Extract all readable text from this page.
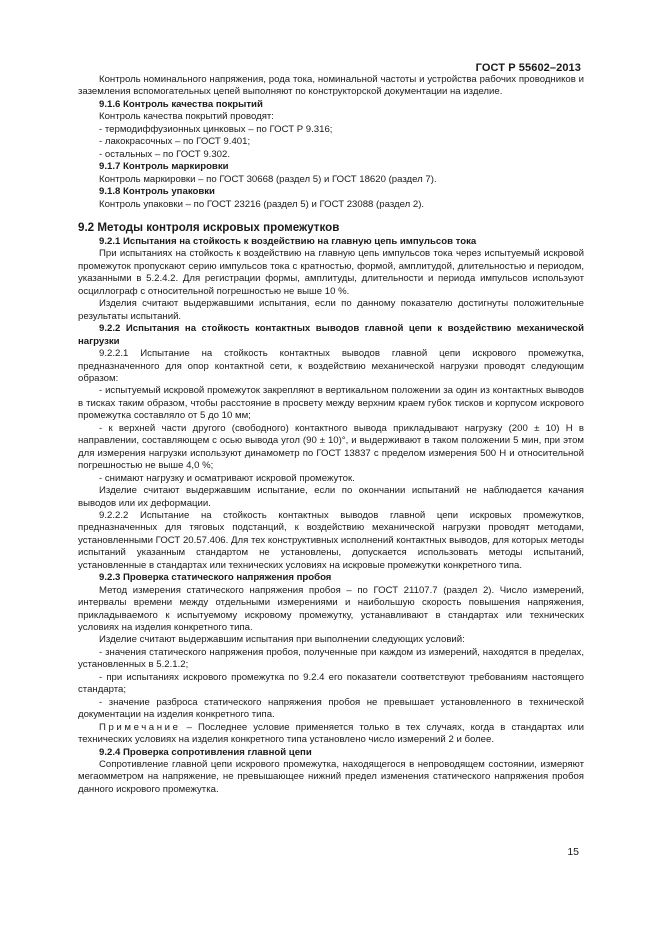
ГОСТ Р 55602–2013

Контроль номинального напряжения, рода тока, номинальной частоты и устройства рабочих проводников и заземления вспомогательных цепей выполняют по конструкторской документации на изделие.

9.1.6 Контроль качества покрытий

Контроль качества покрытий проводят:

- термодиффузионных цинковых – по ГОСТ Р 9.316;

- лакокрасочных – по ГОСТ 9.401;

- остальных – по ГОСТ 9.302.

9.1.7 Контроль маркировки

Контроль маркировки – по ГОСТ 30668 (раздел 5) и ГОСТ 18620 (раздел 7).

9.1.8 Контроль упаковки

Контроль упаковки – по ГОСТ 23216 (раздел 5) и ГОСТ 23088 (раздел 2).

9.2 Методы контроля искровых промежутков

9.2.1 Испытания на стойкость к воздействию на главную цепь импульсов тока

При испытаниях на стойкость к воздействию на главную цепь импульсов тока через испытуемый искровой промежуток пропускают серию импульсов тока с кратностью, формой, амплитудой, длительностью и периодом, указанными в 5.2.4.2. Для регистрации формы, амплитуды, длительности и периода импульсов используют осциллограф с относительной погрешностью не выше 10 %.

Изделия считают выдержавшими испытания, если по данному показателю достигнуты положительные результаты испытаний.

9.2.2 Испытания на стойкость контактных выводов главной цепи к воздействию механической нагрузки

9.2.2.1 Испытание на стойкость контактных выводов главной цепи искрового промежутка, предназначенного для опор контактной сети, к воздействию механической нагрузки проводят следующим образом:

- испытуемый искровой промежуток закрепляют в вертикальном положении за один из контактных выводов в тисках таким образом, чтобы расстояние в просвету между верхним краем губок тисков и корпусом искрового промежутка составляло от 5 до 10 мм;

- к верхней части другого (свободного) контактного вывода прикладывают нагрузку (200 ± 10) Н в направлении, составляющем с осью вывода угол (90 ± 10)°, и выдерживают в таком положении 5 мин, при этом для измерения нагрузки используют динамометр по ГОСТ 13837 с пределом измерения 500 Н и относительной погрешностью не выше 4,0 %;

- снимают нагрузку и осматривают искровой промежуток.

Изделие считают выдержавшим испытание, если по окончании испытаний не наблюдается качания выводов или их деформации.

9.2.2.2 Испытание на стойкость контактных выводов главной цепи искровых промежутков, предназначенных для тяговых подстанций, к воздействию механической нагрузки проводят методами, установленными ГОСТ 20.57.406. Для тех конструктивных исполнений контактных выводов, для которых методы испытаний указанным стандартом не установлены, допускается использовать методы испытаний, установленные в стандартах или технических условиях на искровые промежутки конкретного типа.

9.2.3 Проверка статического напряжения пробоя

Метод измерения статического напряжения пробоя – по ГОСТ 21107.7 (раздел 2). Число измерений, интервалы времени между отдельными измерениями и наибольшую скорость повышения напряжения, прикладываемого к испытуемому искровому промежутку, устанавливают в стандартах или технических условиях на изделия конкретного типа.

Изделие считают выдержавшим испытания при выполнении следующих условий:

- значения статического напряжения пробоя, полученные при каждом из измерений, находятся в пределах, установленных в 5.2.1.2;

- при испытаниях искрового промежутка по 9.2.4 его показатели соответствуют требованиям настоящего стандарта;

- значение разброса статического напряжения пробоя не превышает установленного в технической документации на изделия конкретного типа.

Примечание – Последнее условие применяется только в тех случаях, когда в стандартах или технических условиях на изделия конкретного типа установлено число измерений 2 и более.

9.2.4 Проверка сопротивления главной цепи

Сопротивление главной цепи искрового промежутка, находящегося в непроводящем состоянии, измеряют мегаомметром на напряжение, не превышающее нижний предел изменения статического напряжения пробоя данного искрового промежутка.

15
